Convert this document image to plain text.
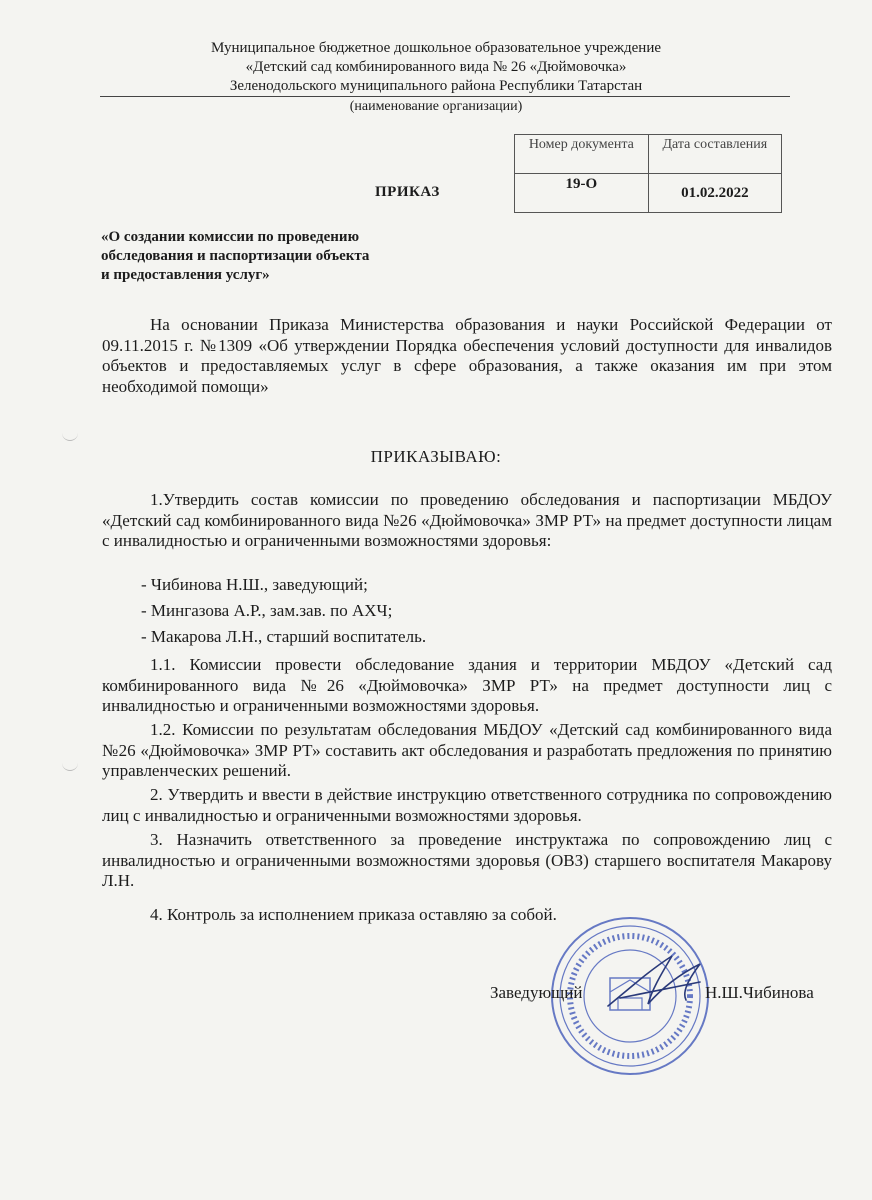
Муниципальное бюджетное дошкольное образовательное учреждение
«Детский сад комбинированного вида № 26 «Дюймовочка»
Зеленодольского муниципального района Республики Татарстан
(наименование организации)
Номер документа	Дата составления
19-О	01.02.2022
ПРИКАЗ
«О создании комиссии по проведению
обследования и паспортизации объекта
и предоставления услуг»
На основании Приказа Министерства образования и науки Российской Федерации от 09.11.2015 г. №1309 «Об утверждении Порядка обеспечения условий доступности для инвалидов объектов и предоставляемых услуг в сфере образования, а также оказания им при этом необходимой помощи»
ПРИКАЗЫВАЮ:
1.Утвердить состав комиссии по проведению обследования и паспортизации МБДОУ «Детский сад комбинированного вида №26 «Дюймовочка» ЗМР РТ» на предмет доступности лицам с инвалидностью и ограниченными возможностями здоровья:
- Чибинова Н.Ш., заведующий;
- Мингазова А.Р., зам.зав. по АХЧ;
- Макарова Л.Н., старший воспитатель.
1.1. Комиссии провести обследование здания и территории МБДОУ «Детский сад комбинированного вида №26 «Дюймовочка» ЗМР РТ» на предмет доступности лиц с инвалидностью и ограниченными возможностями здоровья.
1.2. Комиссии по результатам обследования МБДОУ «Детский сад комбинированного вида №26 «Дюймовочка» ЗМР РТ» составить акт обследования и разработать предложения по принятию управленческих решений.
2. Утвердить и ввести в действие инструкцию ответственного сотрудника по сопровождению лиц с инвалидностью и ограниченными возможностями здоровья.
3. Назначить ответственного за проведение инструктажа по сопровождению лиц с инвалидностью и ограниченными возможностями здоровья (ОВЗ) старшего воспитателя Макарову Л.Н.
4. Контроль за исполнением приказа оставляю за собой.
Заведующий	Н.Ш.Чибинова
